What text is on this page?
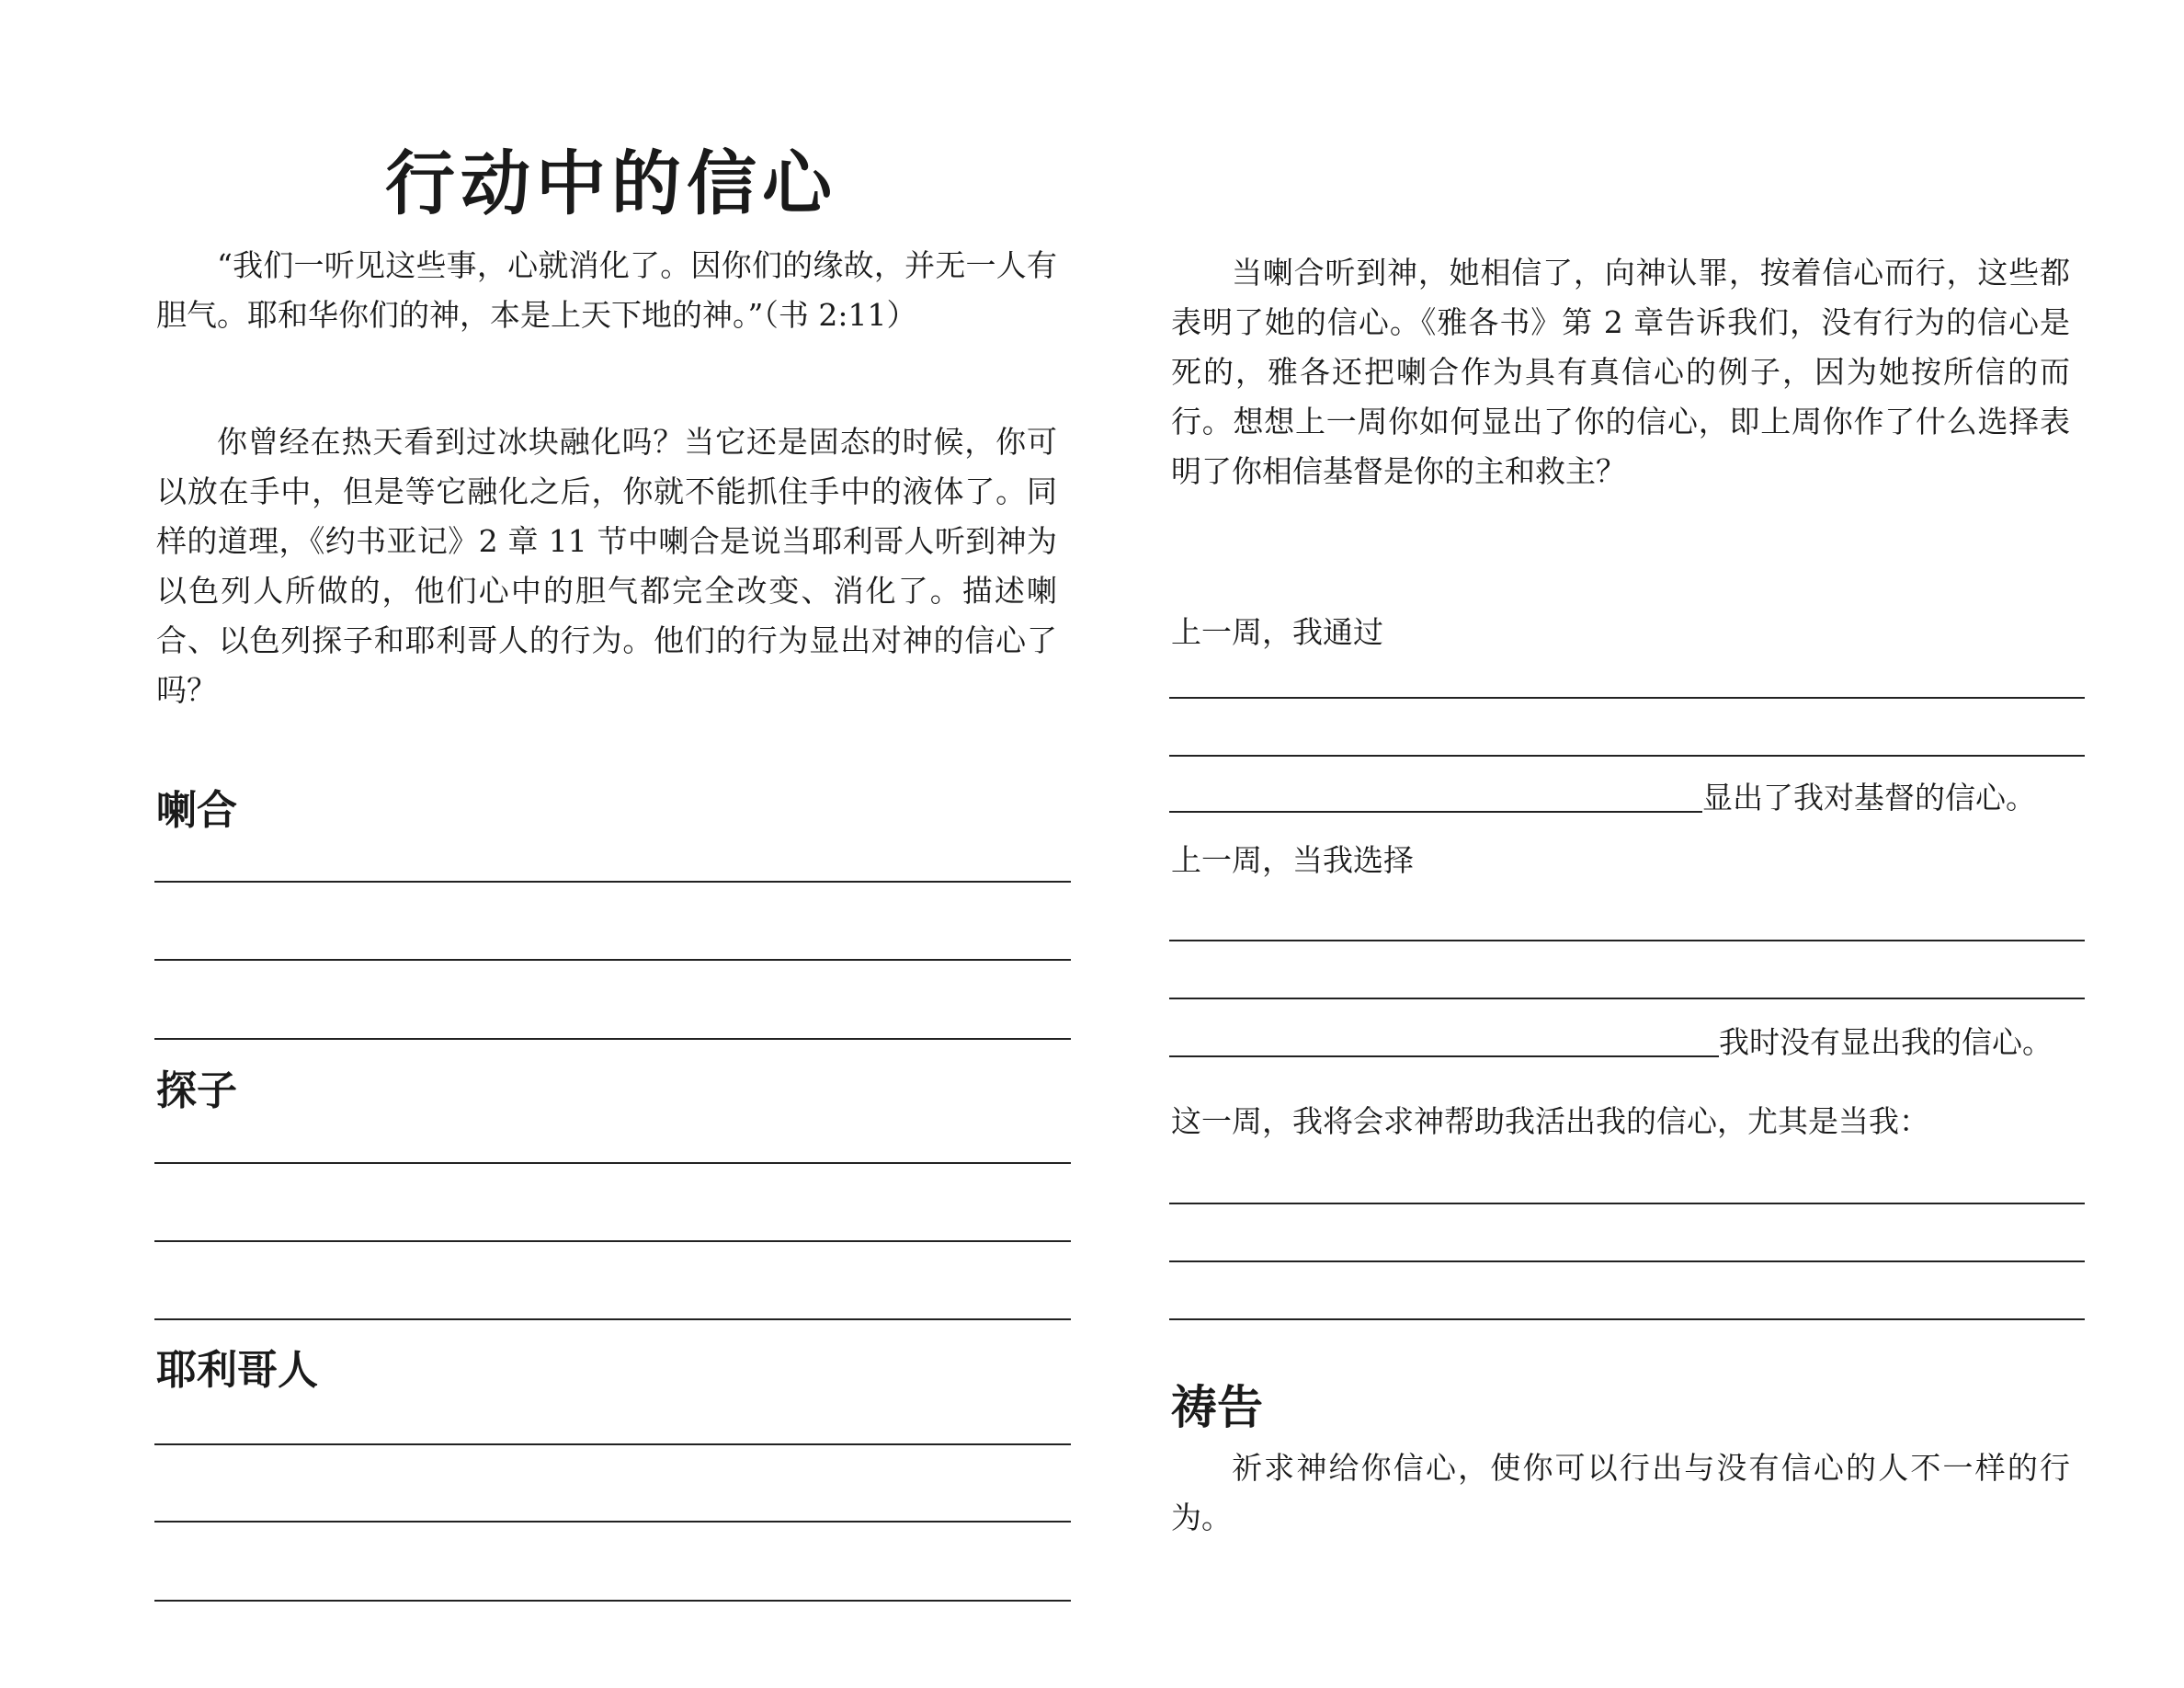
行动中的信心

“我们一听见这些事，心就消化了。因你们的缘故，并无一人有胆气。耶和华你们的神，本是上天下地的神。”（书 2:11）

你曾经在热天看到过冰块融化吗？当它还是固态的时候，你可以放在手中，但是等它融化之后，你就不能抓住手中的液体了。同样的道理，《约书亚记》2 章 11 节中喇合是说当耶利哥人听到神为以色列人所做的，他们心中的胆气都完全改变、消化了。描述喇合、以色列探子和耶利哥人的行为。他们的行为显出对神的信心了吗？

喇合
探子
耶利哥人

当喇合听到神，她相信了，向神认罪，按着信心而行，这些都表明了她的信心。《雅各书》第 2 章告诉我们，没有行为的信心是死的，雅各还把喇合作为具有真信心的例子，因为她按所信的而行。想想上一周你如何显出了你的信心，即上周你作了什么选择表明了你相信基督是你的主和救主？

上一周，我通过
显出了我对基督的信心。
上一周，当我选择
我时没有显出我的信心。
这一周，我将会求神帮助我活出我的信心，尤其是当我：
祷告

祈求神给你信心，使你可以行出与没有信心的人不一样的行为。
